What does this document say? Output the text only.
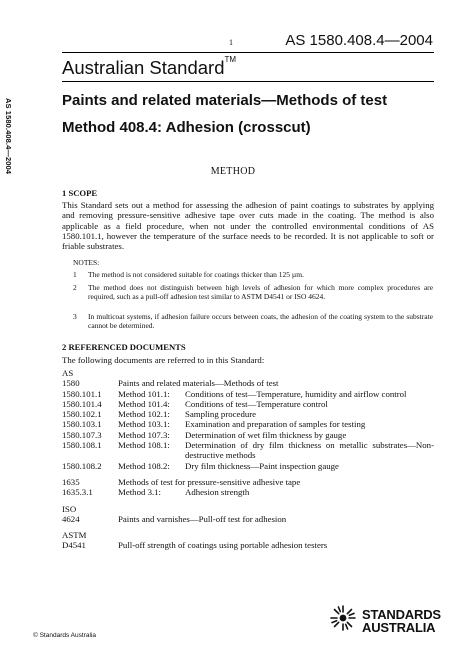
1	AS 1580.408.4—2004
Australian Standard™
AS 1580.408.4—2004	Paints and related materials—Methods of test
Method 408.4: Adhesion (crosscut)
METHOD
1 SCOPE
This Standard sets out a method for assessing the adhesion of paint coatings to substrates by applying and removing pressure-sensitive adhesive tape over cuts made in the coating. The method is also applicable as a field procedure, when not under the controlled environmental conditions of AS 1580.101.1, however the temperature of the surface needs to be recorded. It is not applicable to soft or friable substrates.
NOTES:
1	The method is not considered suitable for coatings thicker than 125 µm.
2	The method does not distinguish between high levels of adhesion for which more complex procedures are required, such as a pull-off adhesion test similar to ASTM D4541 or ISO 4624.
3	In multicoat systems, if adhesion failure occurs between coats, the adhesion of the coating system to the substrate cannot be determined.
2 REFERENCED DOCUMENTS
The following documents are referred to in this Standard:
AS
1580	Paints and related materials—Methods of test
1580.101.1	Method 101.1:	Conditions of test—Temperature, humidity and airflow control
1580.101.4	Method 101.4:	Conditions of test—Temperature control
1580.102.1	Method 102.1:	Sampling procedure
1580.103.1	Method 103.1:	Examination and preparation of samples for testing
1580.107.3	Method 107.3:	Determination of wet film thickness by gauge
1580.108.1	Method 108.1:	Determination of dry film thickness on metallic substrates—Non-destructive methods
1580.108.2	Method 108.2:	Dry film thickness—Paint inspection gauge
1635	Methods of test for pressure-sensitive adhesive tape
1635.3.1	Method 3.1:	Adhesion strength
ISO
4624	Paints and varnishes—Pull-off test for adhesion
ASTM
D4541	Pull-off strength of coatings using portable adhesion testers
© Standards Australia
STANDARDS
AUSTRALIA
